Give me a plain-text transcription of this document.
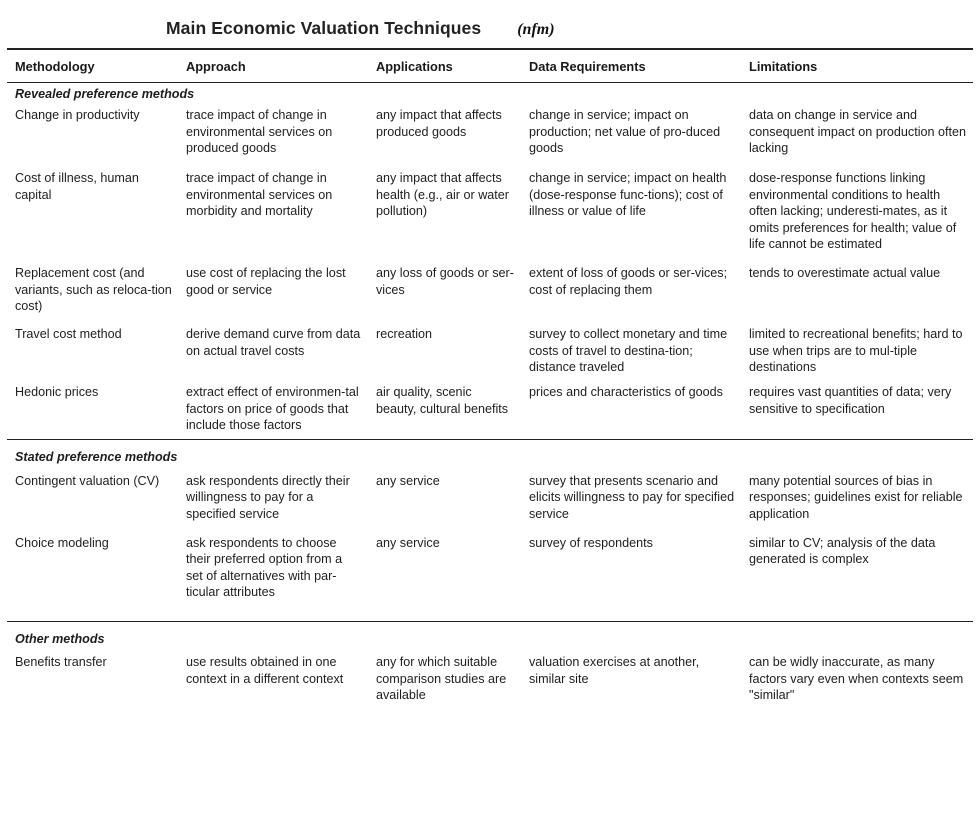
Main Economic Valuation Techniques (nfm)
Methodology	Approach	Applications	Data Requirements	Limitations
Revealed preference methods				
Change in productivity	trace impact of change in environmental services on produced goods	any impact that affects produced goods	change in service; impact on production; net value of pro-duced goods	data on change in service and consequent impact on production often lacking
Cost of illness, human capital	trace impact of change in environmental services on morbidity and mortality	any impact that affects health (e.g., air or water pollution)	change in service; impact on health (dose-response func-tions); cost of illness or value of life	dose-response functions linking environmental conditions to health often lacking; underesti-mates, as it omits preferences for health; value of life cannot be estimated
Replacement cost (and variants, such as reloca-tion cost)	use cost of replacing the lost good or service	any loss of goods or ser-vices	extent of loss of goods or ser-vices; cost of replacing them	tends to overestimate actual value
Travel cost method	derive demand curve from data on actual travel costs	recreation	survey to collect monetary and time costs of travel to destina-tion; distance traveled	limited to recreational benefits; hard to use when trips are to mul-tiple destinations
Hedonic prices	extract effect of environmen-tal factors on price of goods that include those factors	air quality, scenic beauty, cultural benefits	prices and characteristics of goods	requires vast quantities of data; very sensitive to specification
Stated preference methods				
Contingent valuation (CV)	ask respondents directly their willingness to pay for a specified service	any service	survey that presents scenario and elicits willingness to pay for specified service	many potential sources of bias in responses; guidelines exist for reliable application
Choice modeling	ask respondents to choose their preferred option from a set of alternatives with par-ticular attributes	any service	survey of respondents	similar to CV; analysis of the data generated is complex
Other methods				
Benefits transfer	use results obtained in one context in a different context	any for which suitable comparison studies are available	valuation exercises at another, similar site	can be widly inaccurate, as many factors vary even when contexts seem "similar"
